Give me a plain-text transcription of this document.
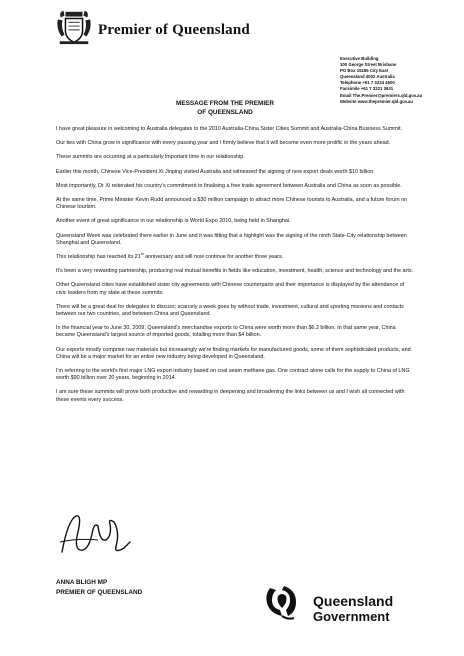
Premier of Queensland
Executive Building
100 George Street Brisbane
PO Box 15185 City East
Queensland 4002 Australia
Telephone +61 7 3224 4500
Facsimile +61 7 3221 3631
Email The.Premier@premiers.qld.gov.au
Website www.thepremier.qld.gov.au
MESSAGE FROM THE PREMIER
OF QUEENSLAND

I have great pleasure in welcoming to Australia delegates to the 2010 Australia-China Sister Cities Summit and Australia-China Business Summit.

Our ties with China grow in significance with every passing year and I firmly believe that it will become even more prolific in the years ahead.

These summits are occurring at a particularly important time in our relationship.

Earlier this month, Chinese Vice-President Xi Jinping visited Australia and witnessed the signing of new export deals worth $10 billion.

Most importantly, Dr Xi reiterated his country's commitment to finalising a free trade agreement between Australia and China as soon as possible.

At the same time, Prime Minister Kevin Rudd announced a $30 million campaign to attract more Chinese tourists to Australia, and a future forum on Chinese tourism.

Another event of great significance in our relationship is World Expo 2010, being held in Shanghai.

Queensland Week was celebrated there earlier in June and it was fitting that a highlight was the signing of the ninth State-City relationship between Shanghai and Queensland.

This relationship has reached its 21st anniversary and will now continue for another three years.

It's been a very rewarding partnership, producing real mutual benefits in fields like education, investment, health, science and technology and the arts.

Other Queensland cities have established sister city agreements with Chinese counterparts and their importance is displayed by the attendance of civic leaders from my state at these summits.

There will be a great deal for delegates to discuss; scarcely a week goes by without trade, investment, cultural and sporting missions and contacts between our two countries, and between China and Queensland.

In the financial year to June 30, 2009, Queensland's merchandise exports to China were worth more than $6.2 billion. In that same year, China became Queensland's largest source of imported goods, totalling more than $4 billion.

Our exports mostly comprise raw materials but increasingly we're finding markets for manufactured goods, some of them sophisticated products, and China will be a major market for an entire new industry being developed in Queensland.

I'm referring to the world's first major LNG export industry based on coal seam methane gas. One contract alone calls for the supply to China of LNG worth $90 billion over 20 years, beginning in 2014.

I am sure these summits will prove both productive and rewarding in deepening and broadening the links between us and I wish all connected with these events every success.

ANNA BLIGH MP
PREMIER OF QUEENSLAND
Queensland
Government
